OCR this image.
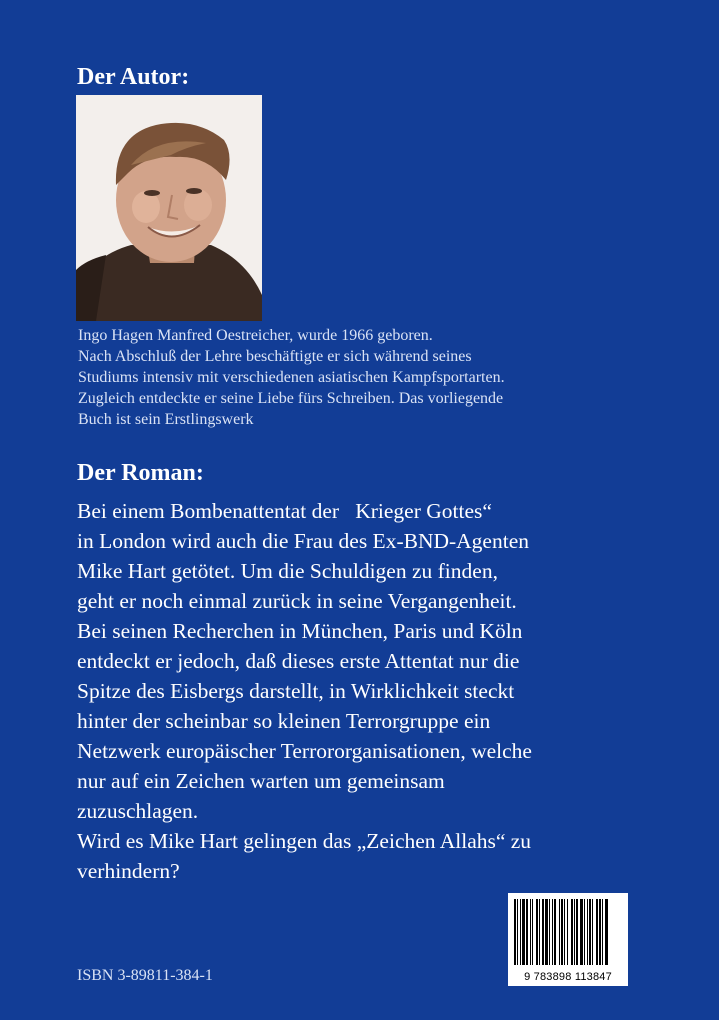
Der Autor:

Ingo Hagen Manfred Oestreicher, wurde 1966 geboren.

Nach Abschluß der Lehre beschäftigte er sich während seines

Studiums intensiv mit verschiedenen asiatischen Kampfsportarten.

Zugleich entdeckte er seine Liebe fürs Schreiben. Das vorliegende

Buch ist sein Erstlingswerk

Der Roman:

Bei einem Bombenattentat der   Krieger Gottes“

in London wird auch die Frau des Ex-BND-Agenten

Mike Hart getötet. Um die Schuldigen zu finden,

geht er noch einmal zurück in seine Vergangenheit.

Bei seinen Recherchen in München, Paris und Köln

entdeckt er jedoch, daß dieses erste Attentat nur die

Spitze des Eisbergs darstellt, in Wirklichkeit steckt

hinter der scheinbar so kleinen Terrorgruppe ein

Netzwerk europäischer Terrororganisationen, welche

nur auf ein Zeichen warten um gemeinsam

zuzuschlagen.

Wird es Mike Hart gelingen das „Zeichen Allahs“ zu

verhindern?

ISBN 3-89811-384-1	9 783898 113847
